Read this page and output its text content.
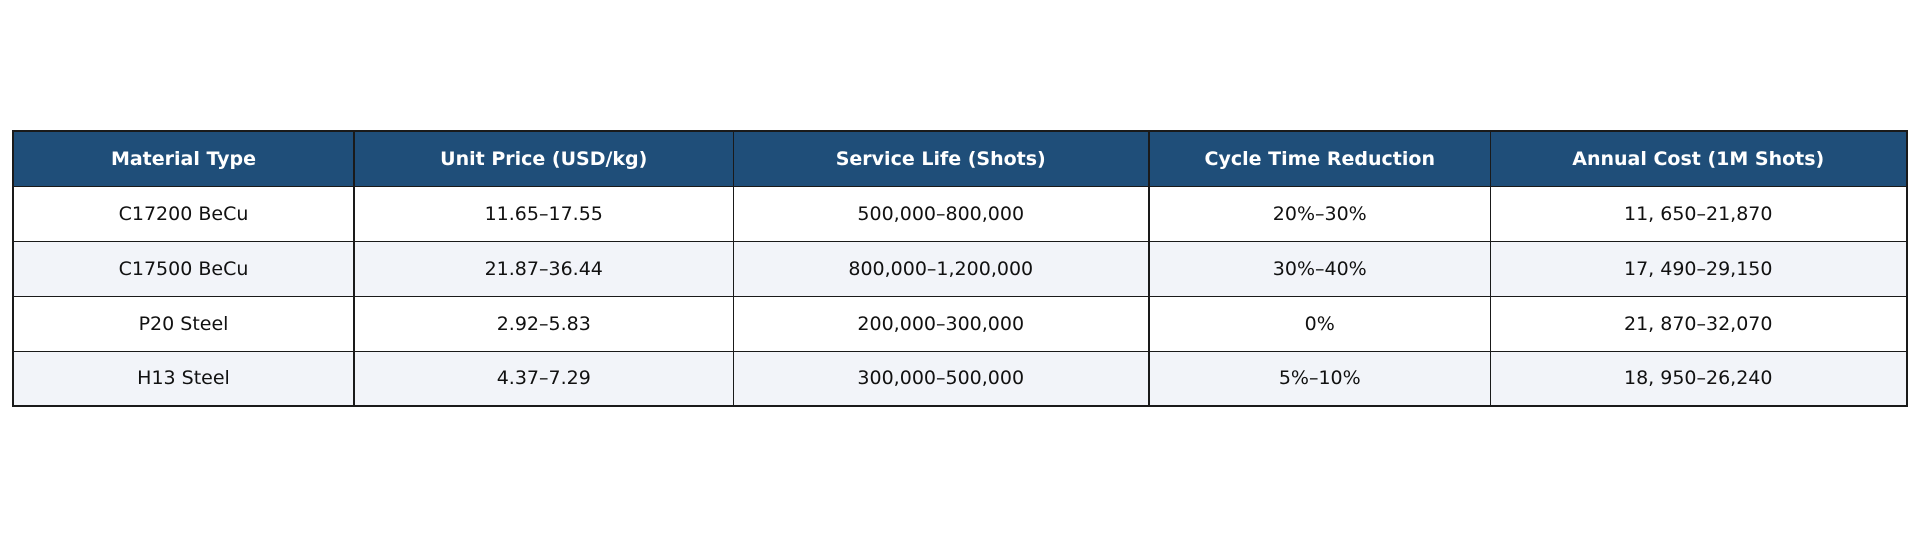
Material Type	Unit Price (USD/kg)	Service Life (Shots)	Cycle Time Reduction	Annual Cost (1M Shots)
C17200 BeCu	11.65–17.55	500,000–800,000	20%–30%	11, 650–21,870
C17500 BeCu	21.87–36.44	800,000–1,200,000	30%–40%	17, 490–29,150
P20 Steel	2.92–5.83	200,000–300,000	0%	21, 870–32,070
H13 Steel	4.37–7.29	300,000–500,000	5%–10%	18, 950–26,240
